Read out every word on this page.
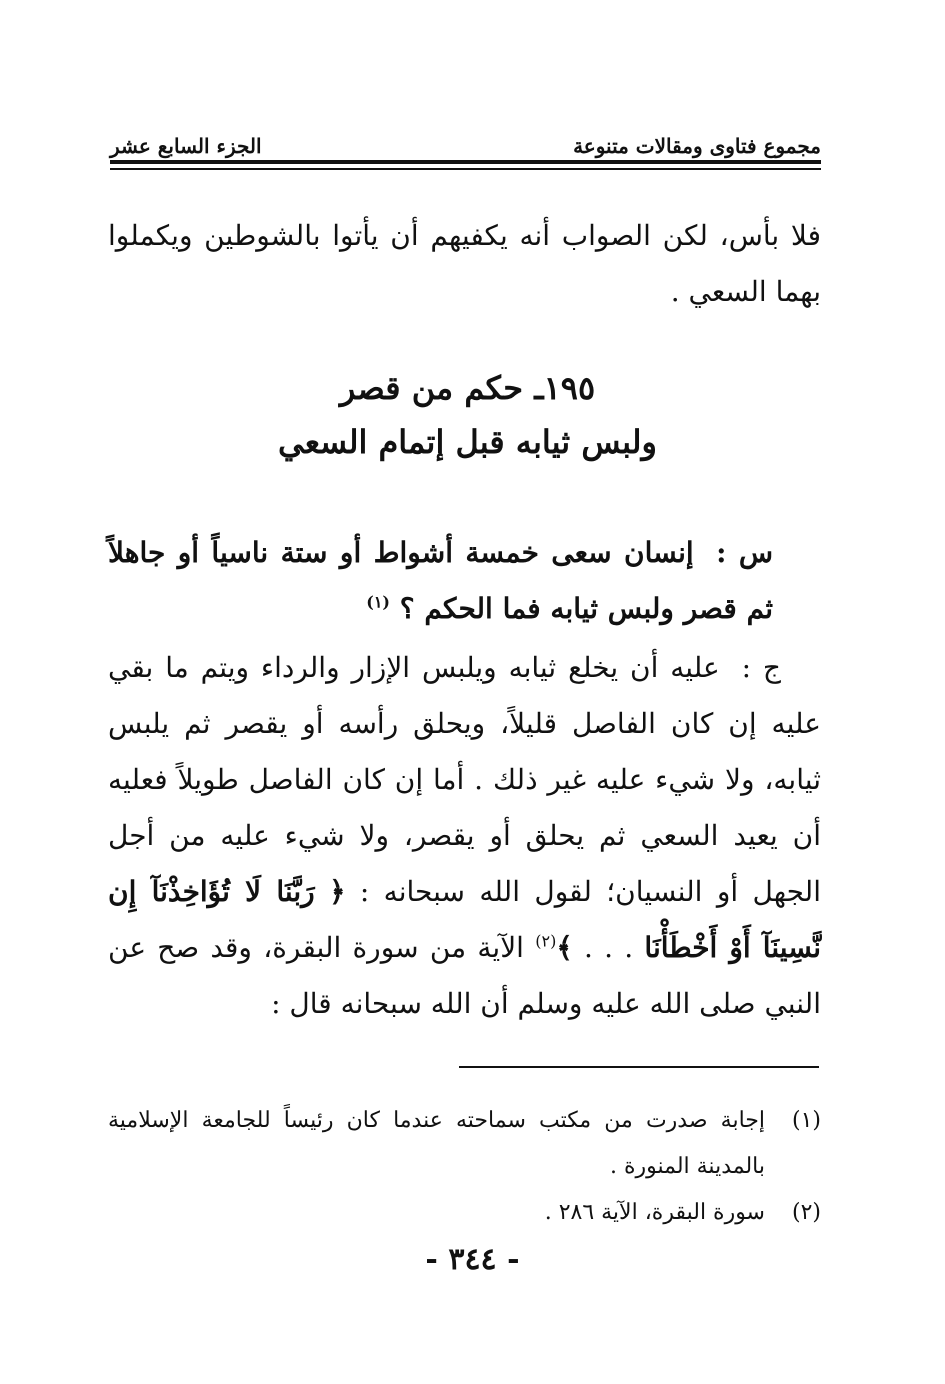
مجموع فتاوى ومقالات متنوعة
الجزء السابع عشر
فلا بأس، لكن الصواب أنه يكفيهم أن يأتوا بالشوطين ويكملوا بهما السعي .
١٩٥ـ حكم من قصر
ولبس ثيابه قبل إتمام السعي
س : إنسان سعى خمسة أشواط أو ستة ناسياً أو جاهلاً ثم قصر ولبس ثيابه فما الحكم ؟ $^{(١)}$
ج : عليه أن يخلع ثيابه ويلبس الإزار والرداء ويتم ما بقي عليه إن كان الفاصل قليلاً، ويحلق رأسه أو يقصر ثم يلبس ثيابه، ولا شيء عليه غير ذلك . أما إن كان الفاصل طويلاً فعليه أن يعيد السعي ثم يحلق أو يقصر، ولا شيء عليه من أجل الجهل أو النسيان؛ لقول الله سبحانه : ﴿ رَبَّنَا لَا تُؤَاخِذْنَآ إِن نَّسِينَآ أَوْ أَخْطَأْنَا . . . ﴾$^{(٢)}$ الآية من سورة البقرة، وقد صح عن النبي صلى الله عليه وسلم أن الله سبحانه قال :
(١)
إجابة صدرت من مكتب سماحته عندما كان رئيساً للجامعة الإسلامية بالمدينة المنورة .
(٢)
سورة البقرة، الآية ٢٨٦ .
- ٣٤٤ -
